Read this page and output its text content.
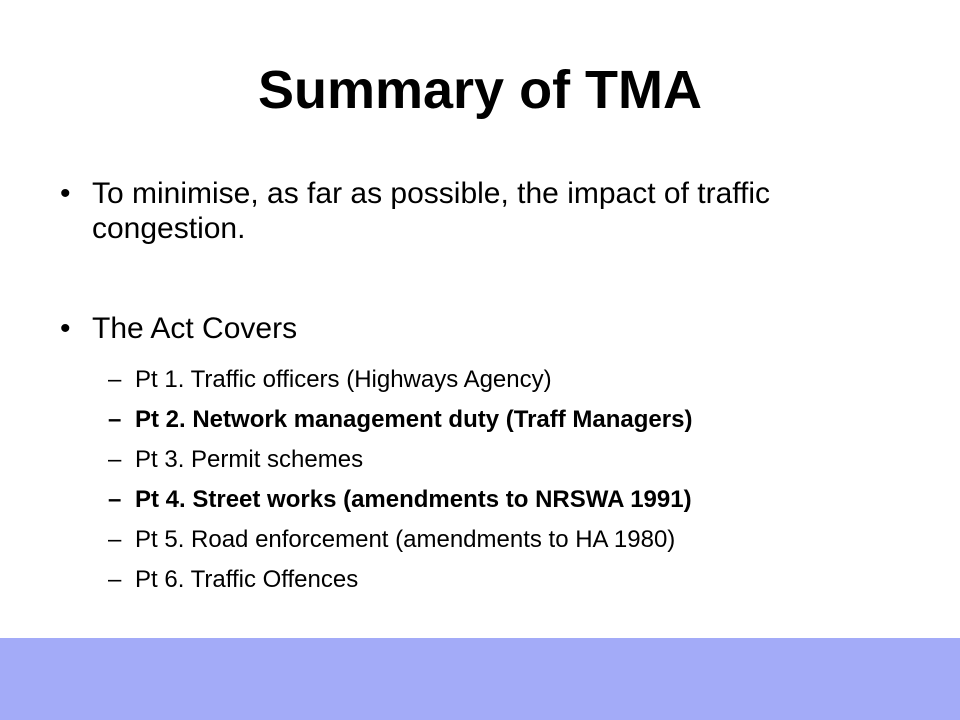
Summary of TMA
• To minimise, as far as possible, the impact of traffic congestion.
• The Act Covers
– Pt 1. Traffic officers (Highways Agency)
– Pt 2. Network management duty (Traff Managers)
– Pt 3. Permit schemes
– Pt 4. Street works (amendments to NRSWA 1991)
– Pt 5. Road enforcement (amendments to HA 1980)
– Pt 6. Traffic Offences
